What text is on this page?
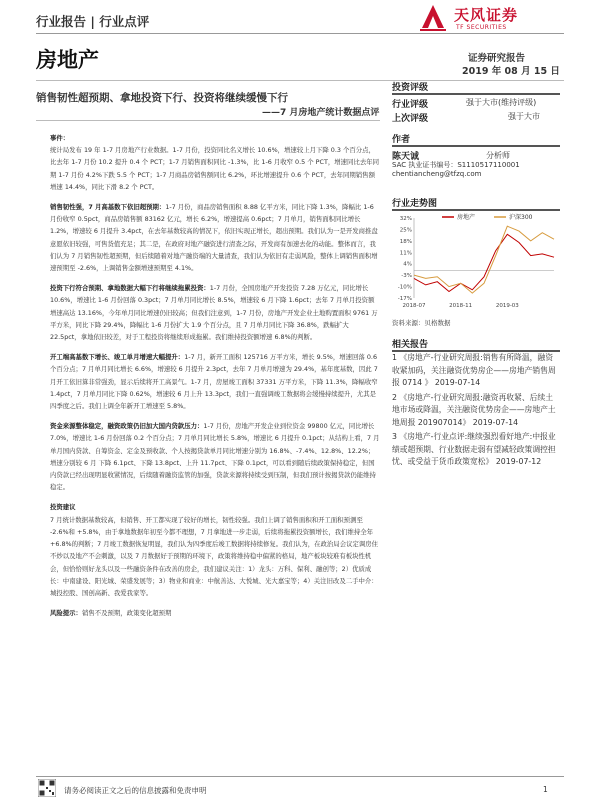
行业报告 | 行业点评	天风证券
TF SECURITIES
房地产	证券研究报告
2019 年 08 月 15 日
销售韧性超预期、拿地投资下行、投资将继续缓慢下行
——7 月房地产统计数据点评
投资评级
行业评级	强于大市(维持评级)
上次评级	强于大市
作者
陈天诚	分析师
SAC 执业证书编号：S1110517110001
chentiancheng@tfzq.com
行业走势图
32%
25%
18%
11%
4%
-3%
-10%
-17%
2018-07	2018-11	2019-03
房地产	沪深300
资料来源：贝格数据
相关报告
1 《房地产-行业研究周报:销售有所降温，融资收紧加码，关注融资优势房企——房地产销售周报 0714 》 2019-07-14
2 《房地产-行业研究周报:融资再收紧、后续土地市场或降温，关注融资优势房企——房地产土地周报 201907014》 2019-07-14
3 《房地产-行业点评:继续强烈看好地产:中报业绩或超预期、行业数据走弱有望减轻政策调控担忧、或受益于货币政策宽松》 2019-07-12

事件：
统计局发布 19 年 1-7 月房地产行业数据。1-7 月份，投资同比名义增长 10.6%，增速较上月下降 0.3 个百分点，比去年 1-7 月份 10.2 提升 0.4 个 PCT；1-7 月销售面积同比 -1.3%，比 1-6 月收窄 0.5 个 PCT，增速同比去年同期 1-7 月份 4.2%下跌 5.5 个 PCT；1-7 月商品房销售额同比 6.2%，环比增速提升 0.6 个 PCT，去年同期销售额增速 14.4%，同比下滑 8.2 个 PCT。

销售韧性强，7 月高基数下依旧超预期：1-7 月份，商品房销售面积 8.88 亿平方米，同比下降 1.3%，降幅比 1-6 月份收窄 0.5pct，商品房销售额 83162 亿元，增长 6.2%，增速提高 0.6pct；7 月单月，销售面积同比增长 1.2%，增速较 6 月提升 3.4pct，在去年基数较高的情况下，依旧实现正增长，超出预期。我们认为一是开发商推盘意愿依旧较强，可售货值充足；其二是，在政府对地产融资进行清查之际，开发商有加速去化的动能。整体而言，我们认为 7 月销售韧性超预期，但后续随着对地产融资端的大量清查，我们认为依旧有走弱风险，整体上调销售面积增速预期至 -2.6%，上调销售金额增速预期至 4.1%。

投资下行符合预期、拿地数据大幅下行将继续拖累投资：1-7 月份，全国房地产开发投资 7.28 万亿元，同比增长 10.6%，增速比 1-6 月份回落 0.3pct；7 月单月同比增长 8.5%，增速较 6 月下降 1.6pct；去年 7 月单月投资额增速高达 13.16%，今年单月同比增速仍旧较高；但我们注意到，1-7 月份，房地产开发企业土地购置面积 9761 万平方米，同比下降 29.4%，降幅比 1-6 月份扩大 1.9 个百分点，且 7 月单月同比下降 36.8%，跌幅扩大 22.5pct，拿地依旧较差，对于工程投资将继续形成拖累。我们维持投资额增速 6.8%的判断。

开工端高基数下增长、竣工单月增速大幅提升：1-7 月，新开工面积 125716 万平方米，增长 9.5%，增速回落 0.6 个百分点；7 月单月同比增长 6.6%，增速较 6 月提升 2.3pct，去年 7 月单月增速为 29.4%，基年度基数，因此 7 月开工依旧算非常强劲，显示后续将开工高景气。1-7 月，房屋竣工面积 37331 万平方米，下降 11.3%，降幅收窄 1.4pct，7 月单月同比下降 0.62%，增速较 6 月上升 13.3pct，我们一直强调竣工数据将会缓慢持续提升，尤其是四季度之后。我们上调全年新开工增速至 5.8%。

资金来源整体稳定，融资政策仍旧加大国内贷款压力：1-7 月份，房地产开发企业到位资金 99800 亿元，同比增长 7.0%，增速比 1-6 月份回落 0.2 个百分点；7 月单月同比增长 5.8%，增速比 6 月提升 0.1pct；从结构上看，7 月单月国内贷款、自筹资金、定金及预收款、个人按揭贷款单月同比增速分别为 16.8%、-7.4%、12.8%、12.2%；增速分别较 6 月 下降 6.1pct、下降 13.8pct、上升 11.7pct、下降 0.1pct，可以看到随后续政策保持稳定，但国内贷款已经出现明显收紧情况，后续随着融资监管的加强，贷款来源将持续受到压制，但我们预计按揭贷款仍能维持稳定。

投资建议
7 月统计数据基数较高，但销售、开工都实现了较好的增长，韧性较强。我们上调了销售面积和开工面积预测至 -2.6%和 +5.8%，由于拿地数据年初至今都不理想，7 月拿地进一步走弱，后续将拖累投资额增长，我们维持全年 +6.8%的判断；7 月竣工数据恢复明显，我们认为四季度后竣工数据将持续修复。我们认为，在政治局会议定调房住不炒以及地产不会刺激，以及 7 月数据好于预期的环境下，政策将维持稳中偏紧的格局，地产板块较难有板块性机会，但恰恰则好龙头以及一些融资条件在改善的房企，我们建议关注：1）龙头：万科、保利、融创等；2）优质成长：中南建设、阳光城、荣盛发展等；3）物业和商业：中航善达、大悦城、光大嘉宝等；4）关注旧改及二手中介：城投控股、国创高新、我爱我家等。

风险提示：销售不及预期，政策变化超预期

请务必阅读正文之后的信息披露和免责申明	1
